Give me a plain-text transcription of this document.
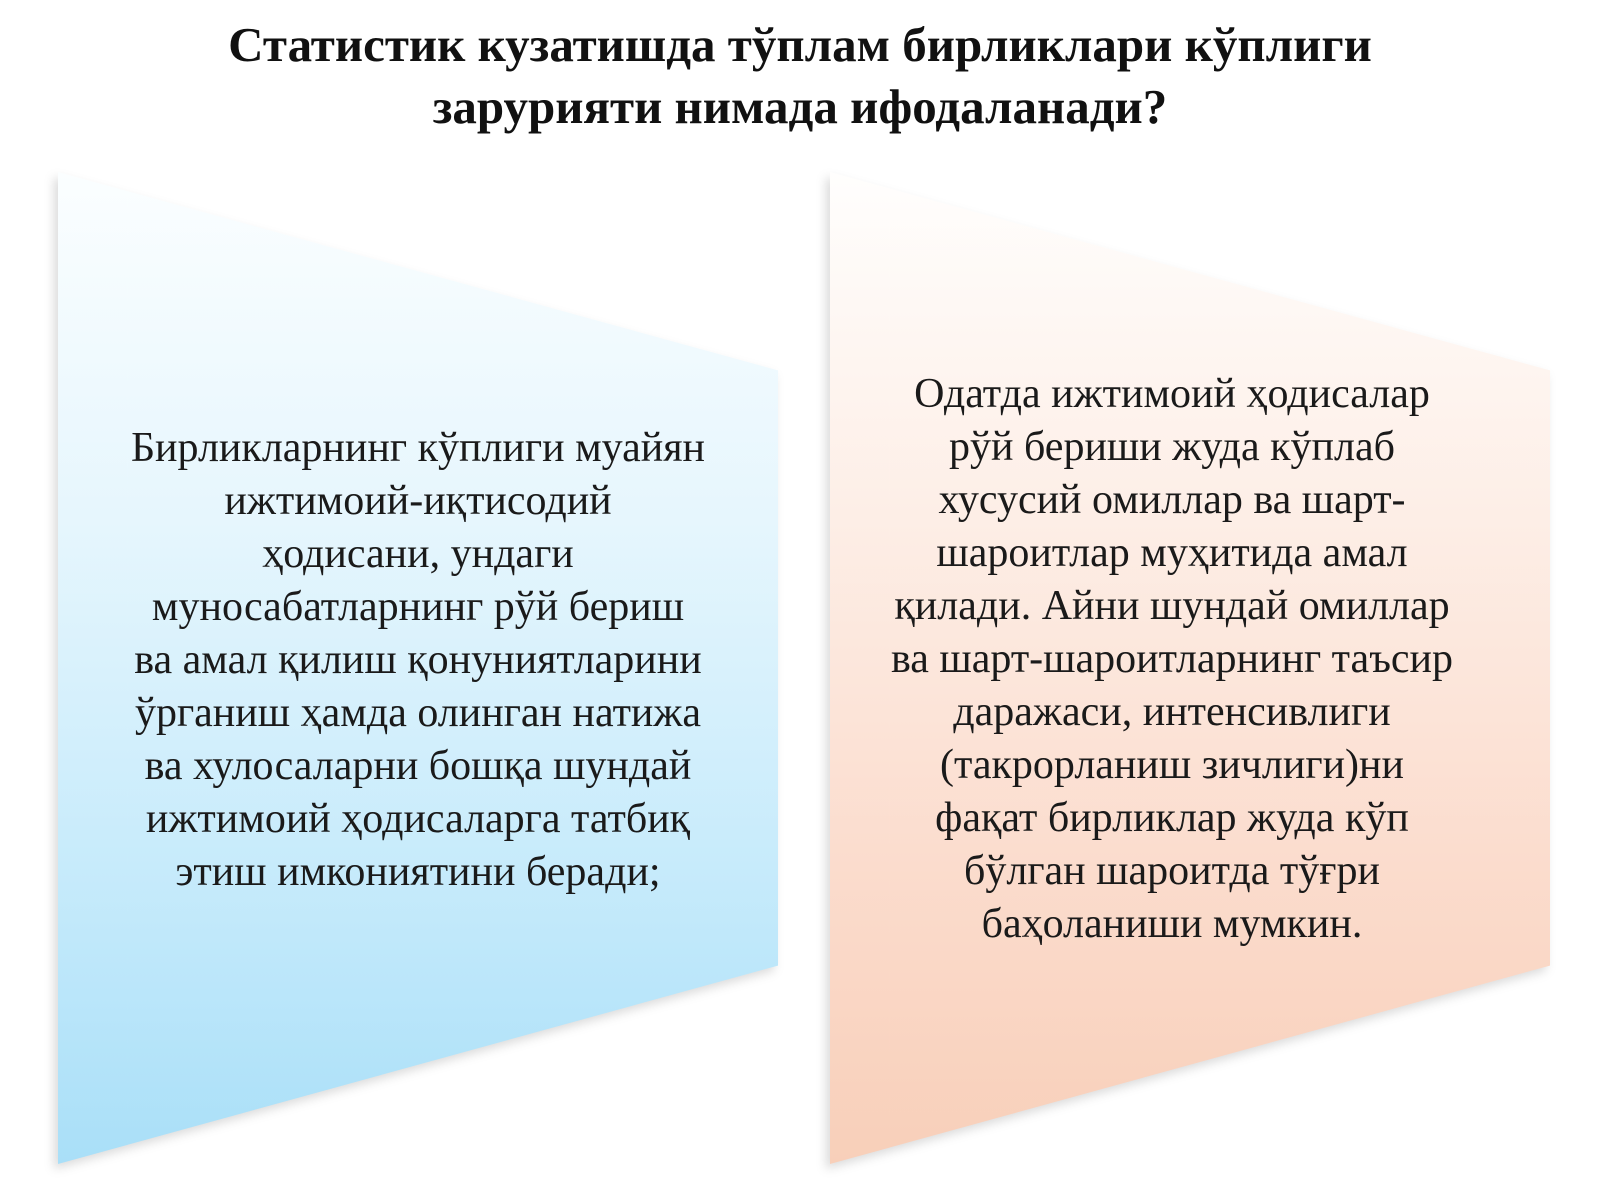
Статистик кузатишда тўплам бирликлари кўплиги
зарурияти нимада ифодаланади?
Бирликларнинг кўплиги муайян
ижтимоий-иқтисодий
ҳодисани, ундаги
муносабатларнинг рўй бериш
ва амал қилиш қонуниятларини
ўрганиш ҳамда олинган натижа
ва хулосаларни бошқа шундай
ижтимоий ҳодисаларга татбиқ
этиш имкониятини беради;
Одатда ижтимоий ҳодисалар
рўй бериши жуда кўплаб
хусусий омиллар ва шарт-
шароитлар муҳитида амал
қилади. Айни шундай омиллар
ва шарт-шароитларнинг таъсир
даражаси, интенсивлиги
(такрорланиш зичлиги)ни
фақат бирликлар жуда кўп
бўлган шароитда тўғри
баҳоланиши мумкин.
